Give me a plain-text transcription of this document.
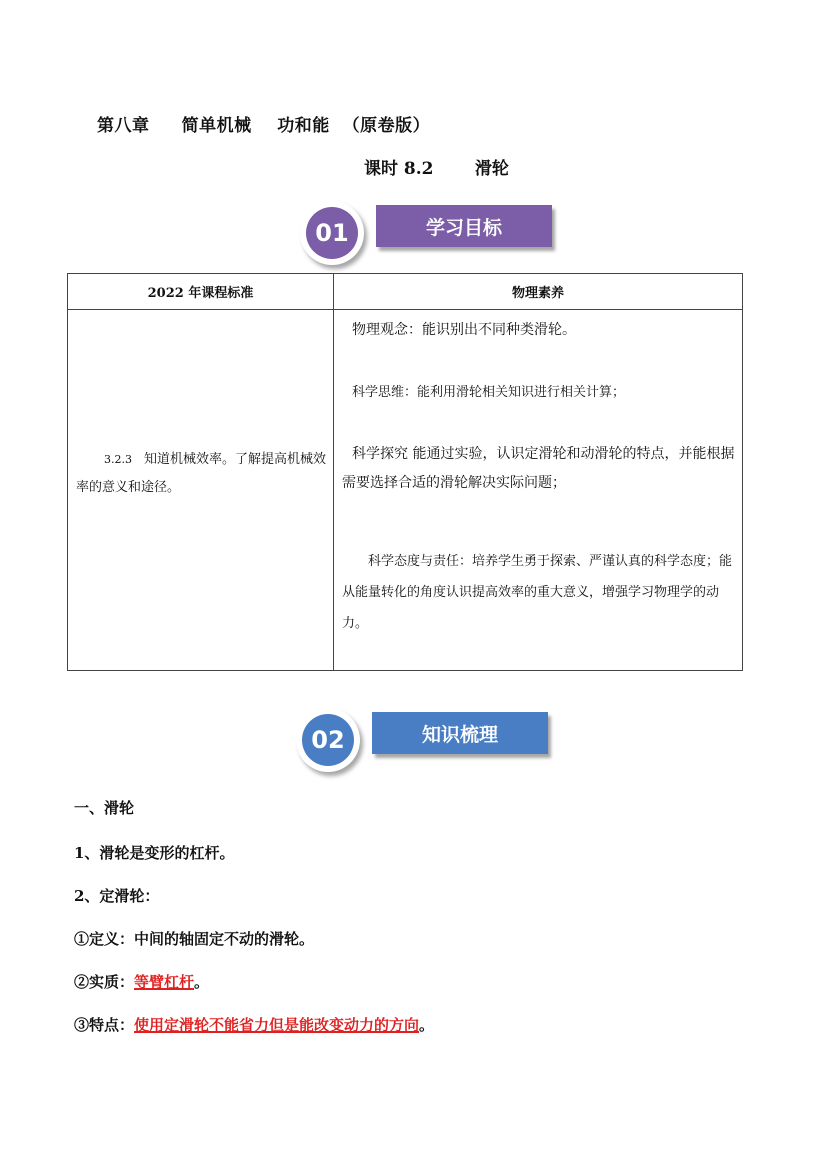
第八章     简单机械    功和能  （原卷版）
课时 8.2       滑轮
01	学习目标
2022 年课程标准	物理素养

3.2.3 知道机械效率。了解提高机械效率的意义和途径。	物理观念：能识别出不同种类滑轮。

科学思维：能利用滑轮相关知识进行相关计算；

科学探究 能通过实验，认识定滑轮和动滑轮的特点，并能根据需要选择合适的滑轮解决实际问题；

科学态度与责任：培养学生勇于探索、严谨认真的科学态度；能从能量转化的角度认识提高效率的重大意义，增强学习物理学的动力。

02	知识梳理
一、滑轮
1、滑轮是变形的杠杆。
2、定滑轮：
①定义：中间的轴固定不动的滑轮。
②实质：等臂杠杆。
③特点：使用定滑轮不能省力但是能改变动力的方向。
